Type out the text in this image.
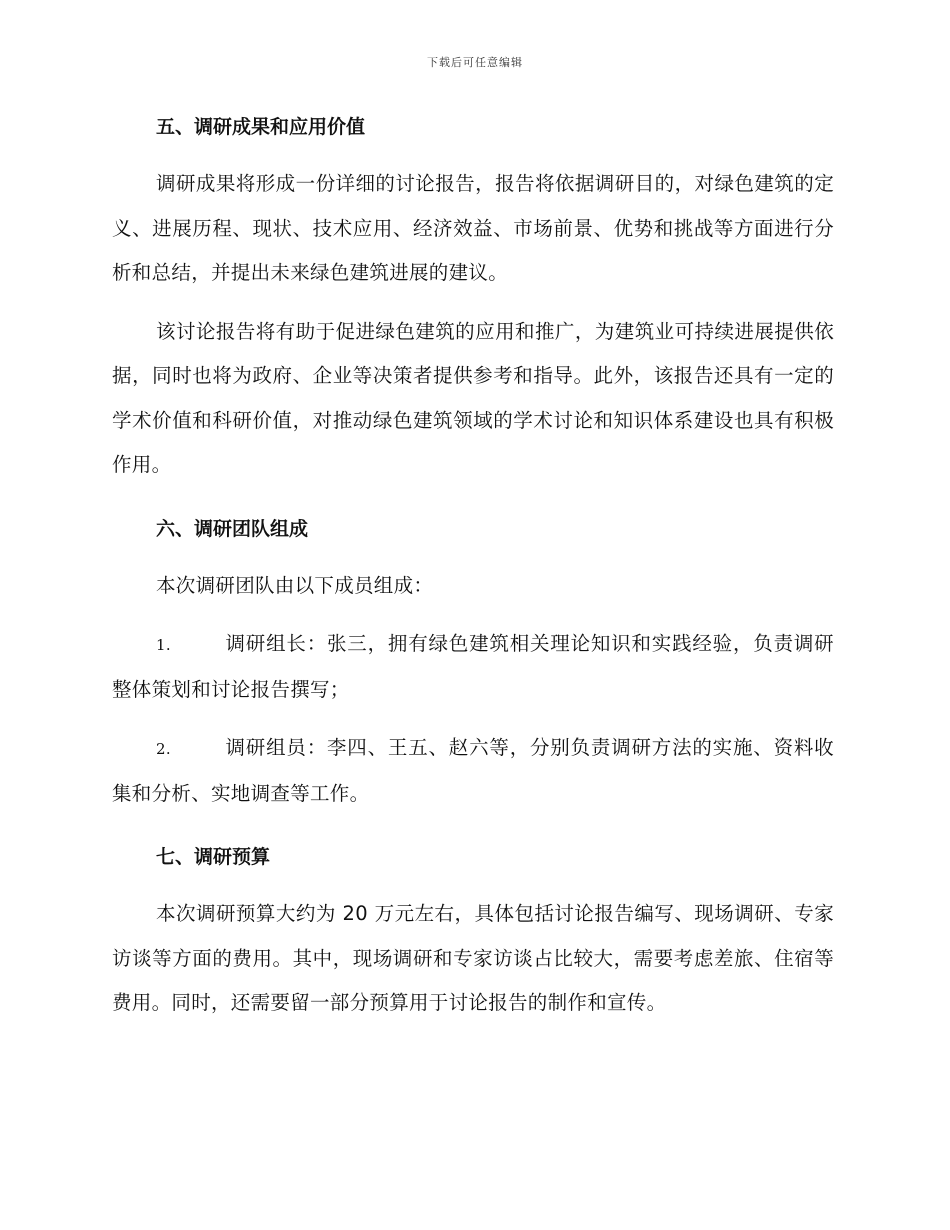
下载后可任意编辑
五、调研成果和应用价值

调研成果将形成一份详细的讨论报告，报告将依据调研目的，对绿色建筑的定义、进展历程、现状、技术应用、经济效益、市场前景、优势和挑战等方面进行分析和总结，并提出未来绿色建筑进展的建议。

该讨论报告将有助于促进绿色建筑的应用和推广，为建筑业可持续进展提供依据，同时也将为政府、企业等决策者提供参考和指导。此外，该报告还具有一定的学术价值和科研价值，对推动绿色建筑领域的学术讨论和知识体系建设也具有积极作用。

六、调研团队组成

本次调研团队由以下成员组成：

1.	调研组长：张三，拥有绿色建筑相关理论知识和实践经验，负责调研整体策划和讨论报告撰写；

2.	调研组员：李四、王五、赵六等，分别负责调研方法的实施、资料收集和分析、实地调查等工作。

七、调研预算

本次调研预算大约为 20 万元左右，具体包括讨论报告编写、现场调研、专家访谈等方面的费用。其中，现场调研和专家访谈占比较大，需要考虑差旅、住宿等费用。同时，还需要留一部分预算用于讨论报告的制作和宣传。
